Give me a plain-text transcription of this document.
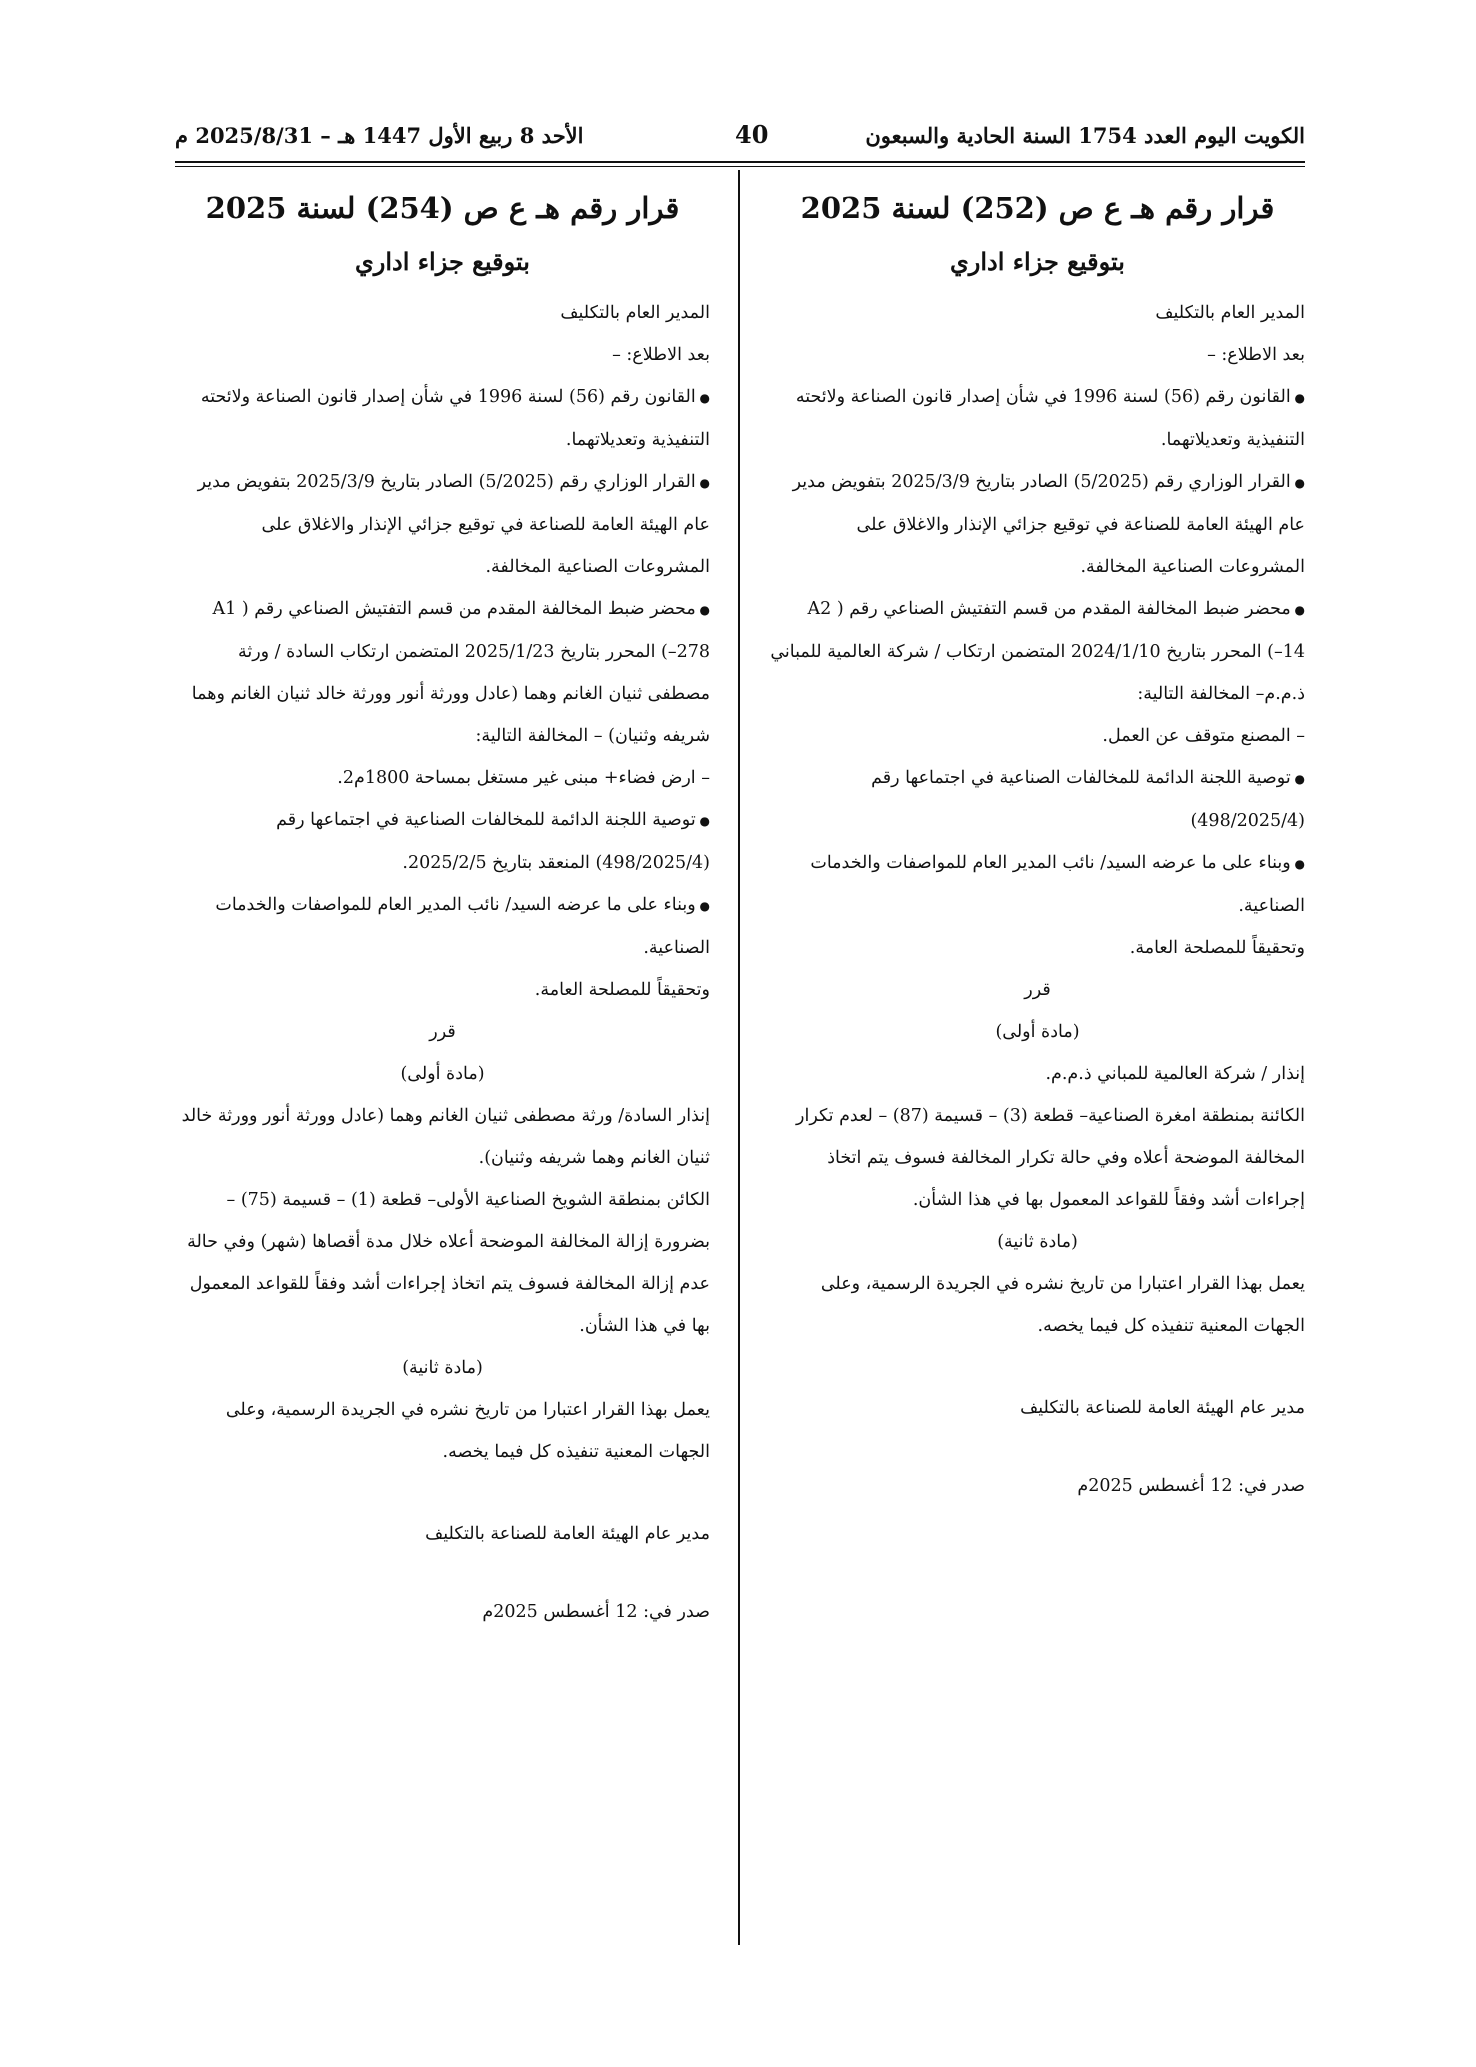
الكويت اليوم العدد 1754 السنة الحادية والسبعون
40
الأحد 8 ربيع الأول 1447 هـ – 2025/8/31 م
قرار رقم هـ ع ص (252) لسنة 2025
بتوقيع جزاء اداري

المدير العام بالتكليف

بعد الاطلاع: –

● القانون رقم (56) لسنة 1996 في شأن إصدار قانون الصناعة ولائحته التنفيذية وتعديلاتهما.

● القرار الوزاري رقم (5/2025) الصادر بتاريخ 2025/3/9 بتفويض مدير عام الهيئة العامة للصناعة في توقيع جزائي الإنذار والاغلاق على المشروعات الصناعية المخالفة.

● محضر ضبط المخالفة المقدم من قسم التفتيش الصناعي رقم ( A2 14–) المحرر بتاريخ 2024/1/10 المتضمن ارتكاب / شركة العالمية للمباني ذ.م.م– المخالفة التالية:

– المصنع متوقف عن العمل.

● توصية اللجنة الدائمة للمخالفات الصناعية في اجتماعها رقم (498/2025/4)

● وبناء على ما عرضه السيد/ نائب المدير العام للمواصفات والخدمات الصناعية.

وتحقيقاً للمصلحة العامة.

قرر

(مادة أولى)

إنذار / شركة العالمية للمباني ذ.م.م.

الكائنة بمنطقة امغرة الصناعية– قطعة (3) – قسيمة (87) – لعدم تكرار المخالفة الموضحة أعلاه وفي حالة تكرار المخالفة فسوف يتم اتخاذ إجراءات أشد وفقاً للقواعد المعمول بها في هذا الشأن.

(مادة ثانية)

يعمل بهذا القرار اعتبارا من تاريخ نشره في الجريدة الرسمية، وعلى الجهات المعنية تنفيذه كل فيما يخصه.

مدير عام الهيئة العامة للصناعة بالتكليف

صدر في: 12 أغسطس 2025م

قرار رقم هـ ع ص (254) لسنة 2025
بتوقيع جزاء اداري

المدير العام بالتكليف

بعد الاطلاع: –

● القانون رقم (56) لسنة 1996 في شأن إصدار قانون الصناعة ولائحته التنفيذية وتعديلاتهما.

● القرار الوزاري رقم (5/2025) الصادر بتاريخ 2025/3/9 بتفويض مدير عام الهيئة العامة للصناعة في توقيع جزائي الإنذار والاغلاق على المشروعات الصناعية المخالفة.

● محضر ضبط المخالفة المقدم من قسم التفتيش الصناعي رقم ( A1 278–) المحرر بتاريخ 2025/1/23 المتضمن ارتكاب السادة / ورثة مصطفى ثنيان الغانم وهما (عادل وورثة أنور وورثة خالد ثنيان الغانم وهما شريفه وثنيان) – المخالفة التالية:

– ارض فضاء+ مبنى غير مستغل بمساحة 1800م2.

● توصية اللجنة الدائمة للمخالفات الصناعية في اجتماعها رقم (498/2025/4) المنعقد بتاريخ 2025/2/5.

● وبناء على ما عرضه السيد/ نائب المدير العام للمواصفات والخدمات الصناعية.

وتحقيقاً للمصلحة العامة.

قرر

(مادة أولى)

إنذار السادة/ ورثة مصطفى ثنيان الغانم وهما (عادل وورثة أنور وورثة خالد ثنيان الغانم وهما شريفه وثنيان).

الكائن بمنطقة الشويخ الصناعية الأولى– قطعة (1) – قسيمة (75) – بضرورة إزالة المخالفة الموضحة أعلاه خلال مدة أقصاها (شهر) وفي حالة عدم إزالة المخالفة فسوف يتم اتخاذ إجراءات أشد وفقاً للقواعد المعمول بها في هذا الشأن.

(مادة ثانية)

يعمل بهذا القرار اعتبارا من تاريخ نشره في الجريدة الرسمية، وعلى الجهات المعنية تنفيذه كل فيما يخصه.

مدير عام الهيئة العامة للصناعة بالتكليف

صدر في: 12 أغسطس 2025م
